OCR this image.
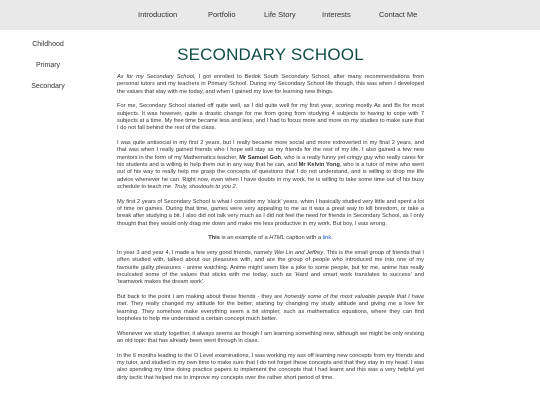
Introduction	Portfolio	Life Story	Interests	Contact Me
Childhood
Primary
Secondary
SECONDARY SCHOOL

As for my Secondary School, I got enrolled to Bedok South Secondary School, after many recommendations from personal tutors and my teachers in Primary School. During my Secondary School life though, this was when I developed the values that stay with me today, and when I gained my love for learning new things.

For me, Secondary School started off quite well, as I did quite well for my first year, scoring mostly As and Bs for most subjects. It was however, quite a drastic change for me from going from studying 4 subjects to having to cope with 7 subjects at a time. My free time became less and less, and I had to focus more and more on my studies to make sure that I do not fall behind the rest of the class.

I was quite antisocial in my first 2 years, but I really became more social and more extroverted in my final 2 years, and that was when I really gained friends who I hope will stay as my friends for the rest of my life. I also gained a few new mentors in the form of my Mathematics teacher, Mr Samuel Goh, who is a really funny yet cringy guy who really cares for his students and is willing to help them out in any way that he can, and Mr Kelvin Yong, who is a tutor of mine who went out of his way to really help me grasp the concepts of questions that I do not understand, and is willing to drop me life advice whenever he can. Right now, even when I have doubts in my work, he is willing to take some time out of his busy schedule to teach me. Truly, shoutouts to you 2.

My first 2 years of Secondary School is what I consider my 'slack' years, when I basically studied very little and spent a lot of time on games. During that time, games were very appealing to me as it was a great way to kill boredom, or take a break after studying a bit. I also did not talk very much as I did not feel the need for friends in Secondary School, as I only thought that they would only drag me down and make me less productive in my work. But boy, I was wrong.

This is an example of a HTML caption with a link.

In year 3 and year 4, I made a few very good friends, namely Wei Lin and Jeffrey. This is the small group of friends that I often studied with, talked about our pleasures with, and are the group of people who introduced me into one of my favourite guilty pleasures - anime watching. Anime might seem like a joke to some people, but for me, anime has really inculcated some of the values that sticks with me today, such as 'Hard and smart work translates to success' and 'teamwork makes the dream work'.

But back to the point I am making about these friends - they are honestly some of the most valuable people that I have met. They really changed my attitude for the better, starting by changing my study attitude and giving me a love for learning. They somehow make everything seem a bit simpler, such as mathematics equations, where they can find loopholes to help me understand a certain concept much better.

Whenever we study together, it always seems as though I am learning something new, although we might be only revising an old topic that has already been went through in class.

In the 6 months leading to the O Level examinations, I was working my ass off learning new concepts from my friends and my tutor, and studied in my own time to make sure that I do not forget these concepts and that they stay in my head. I was also spending my time doing practice papers to implement the concepts that I had learnt and this was a very helpful yet dirty tactic that helped me to improve my concepts over the rather short period of time.
